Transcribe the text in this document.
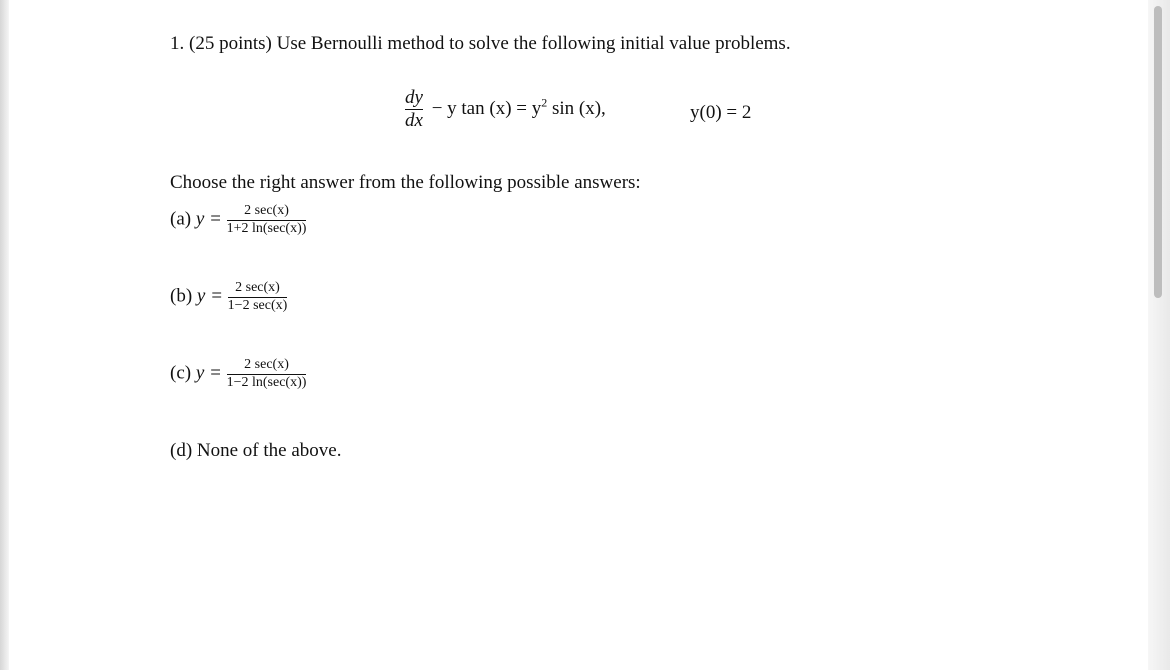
1. (25 points) Use Bernoulli method to solve the following initial value problems.
$\frac{dy}{dx} - y$ $\tan (x) = y^2$ sin (x),	y(0) = 2
Choose the right answer from the following possible answers:
(a) $y = \frac{2 \sec(x)}{1+2 \ln(\sec(x))}$
(b) $y = \frac{2 \sec(x)}{1-2 \sec(x)}$
(c) $y = \frac{2 \sec(x)}{1-2 \ln(\sec(x))}$
(d) None of the above.
